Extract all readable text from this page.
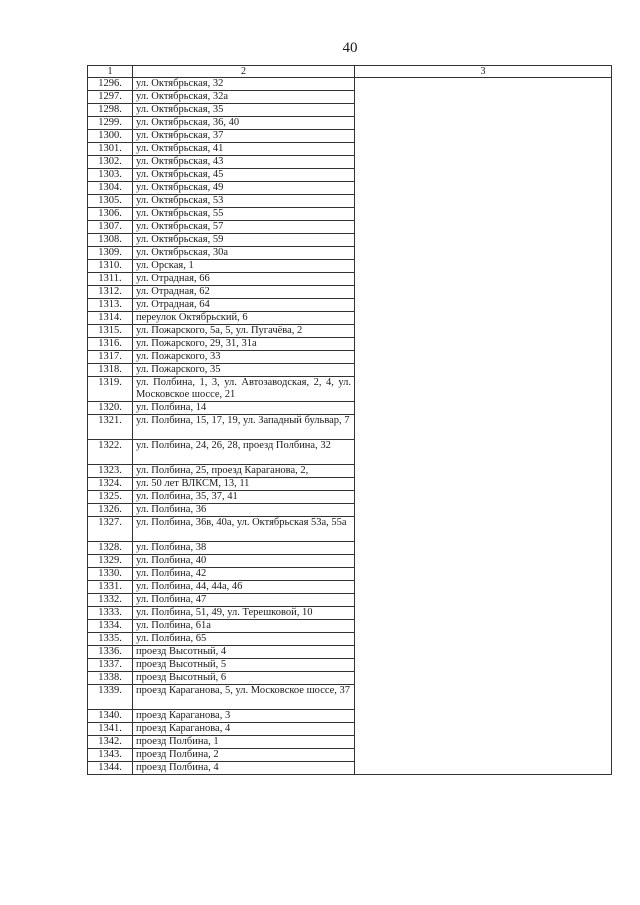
40
1	2	3
1296.	ул. Октябрьская, 32	
1297.	ул. Октябрьская, 32а	
1298.	ул. Октябрьская, 35	
1299.	ул. Октябрьская, 36, 40	
1300.	ул. Октябрьская, 37	
1301.	ул. Октябрьская, 41	
1302.	ул. Октябрьская, 43	
1303.	ул. Октябрьская, 45	
1304.	ул. Октябрьская, 49	
1305.	ул. Октябрьская, 53	
1306.	ул. Октябрьская, 55	
1307.	ул. Октябрьская, 57	
1308.	ул. Октябрьская, 59	
1309.	ул. Октябрьская, 30а	
1310.	ул. Орская, 1	
1311.	ул. Отрадная, 66	
1312.	ул. Отрадная, 62	
1313.	ул. Отрадная, 64	
1314.	переулок Октябрьский, 6	
1315.	ул. Пожарского, 5а, 5, ул. Пугачёва, 2	
1316.	ул. Пожарского, 29, 31, 31а	
1317.	ул. Пожарского, 33	
1318.	ул. Пожарского, 35	
1319.	ул. Полбина, 1, 3, ул. Автозаводская, 2, 4, ул. Московское шоссе, 21	
1320.	ул. Полбина, 14	
1321.	ул. Полбина, 15, 17, 19, ул. Западный бульвар, 7	
1322.	ул. Полбина, 24, 26, 28, проезд Полбина, 32	
1323.	ул. Полбина, 25, проезд Караганова, 2,	
1324.	ул. 50 лет ВЛКСМ, 13, 11	
1325.	ул. Полбина, 35, 37, 41	
1326.	ул. Полбина, 36	
1327.	ул. Полбина, 36в, 40а, ул. Октябрьская 53а, 55а	
1328.	ул. Полбина, 38	
1329.	ул. Полбина, 40	
1330.	ул. Полбина, 42	
1331.	ул. Полбина, 44, 44а, 46	
1332.	ул. Полбина, 47	
1333.	ул. Полбина, 51, 49, ул. Терешковой, 10	
1334.	ул. Полбина, 61а	
1335.	ул. Полбина, 65	
1336.	проезд Высотный, 4	
1337.	проезд Высотный, 5	
1338.	проезд Высотный, 6	
1339.	проезд Караганова, 5, ул. Московское шоссе, 37	
1340.	проезд Караганова, 3	
1341.	проезд Караганова, 4	
1342.	проезд Полбина, 1	
1343.	проезд Полбина, 2	
1344.	проезд Полбина, 4	
